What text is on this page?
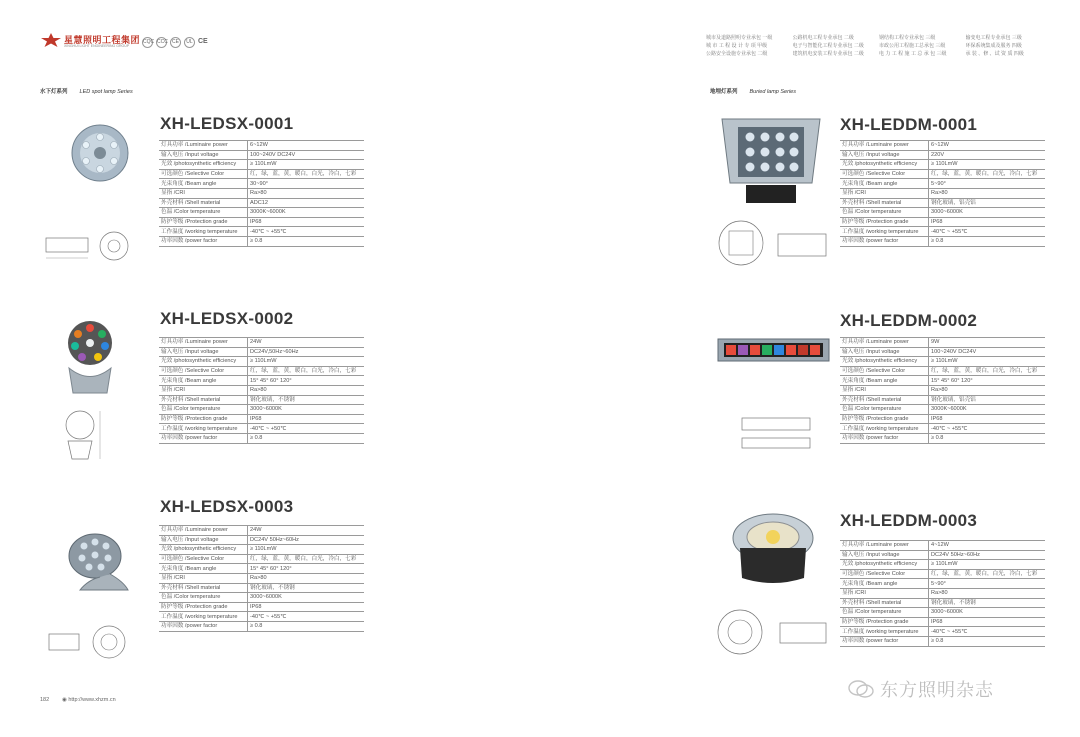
星慧照明工程集团
XINGHUI LIGHT ENGINEERING GROUP
CQC CCC CE	UL CE	城市及道路照明专业承包 一级	公路机电工程专业承包 二级	钢结构工程专业承包 三级	输变电工程专业承包 三级
城 市 工 程 设 计 专 项 甲级	电子与智能化工程专业承包 二级	市政公用工程施工总承包 三级	环保系统集成及服务 四级
公路安全设施专业承包 二级	建筑机电安装工程专业承包 二级	电 力 工 程 施 工 总 承 包 三级	承 装 、修 、试 资 质 四级
水下灯系列 LED spot lamp Series	地埋灯系列 Buried lamp Series
XH-LEDSX-0001
灯具功率 /Luminaire power	6~12W
输入电压 /Input voltage	100~240V DC24V
光效 /photosynthetic efficiency	≥ 110LmW
可选颜色 /Selective Color	红，绿，蓝，黄，暖白，白光，冷白，七彩
光束角度 /Beam angle	30~90°
显指 /CRI	Ra>80
外壳材料 /Shell material	ADC12
色温 /Color temperature	3000K~6000K
防护等级 /Protection grade	IP68
工作温度 /working temperature	-40℃ ~ +55℃
功率因数 /power factor	≥ 0.8
XH-LEDSX-0002
灯具功率 /Luminaire power	24W
输入电压 /Input voltage	DC24V,50Hz~60Hz
光效 /photosynthetic efficiency	≥ 110LmW
可选颜色 /Selective Color	红，绿，蓝，黄，暖白，白光，冷白，七彩
光束角度 /Beam angle	15° 45° 60° 120°
显指 /CRI	Ra>80
外壳材料 /Shell material	钢化玻璃，不锈钢
色温 /Color temperature	3000~6000K
防护等级 /Protection grade	IP68
工作温度 /working temperature	-40℃ ~ +50℃
功率因数 /power factor	≥ 0.8
XH-LEDSX-0003
灯具功率 /Luminaire power	24W
输入电压 /Input voltage	DC24V 50Hz~60Hz
光效 /photosynthetic efficiency	≥ 110LmW
可选颜色 /Selective Color	红，绿，蓝，黄，暖白，白光，冷白，七彩
光束角度 /Beam angle	15° 45° 60° 120°
显指 /CRI	Ra>80
外壳材料 /Shell material	钢化玻璃，不锈钢
色温 /Color temperature	3000~6000K
防护等级 /Protection grade	IP68
工作温度 /working temperature	-40℃ ~ +55℃
功率因数 /power factor	≥ 0.8
XH-LEDDM-0001
灯具功率 /Luminaire power	6~12W
输入电压 /Input voltage	220V
光效 /photosynthetic efficiency	≥ 110LmW
可选颜色 /Selective Color	红，绿，蓝，黄，暖白，白光，冷白，七彩
光束角度 /Beam angle	5~90°
显指 /CRI	Ra>80
外壳材料 /Shell material	钢化玻璃，铝壳铝
色温 /Color temperature	3000~6000K
防护等级 /Protection grade	IP68
工作温度 /working temperature	-40℃ ~ +55℃
功率因数 /power factor	≥ 0.8
XH-LEDDM-0002
灯具功率 /Luminaire power	9W
输入电压 /Input voltage	100~240V DC24V
光效 /photosynthetic efficiency	≥ 110LmW
可选颜色 /Selective Color	红，绿，蓝，黄，暖白，白光，冷白，七彩
光束角度 /Beam angle	15° 45° 60° 120°
显指 /CRI	Ra>80
外壳材料 /Shell material	钢化玻璃，铝壳铝
色温 /Color temperature	3000K~6000K
防护等级 /Protection grade	IP68
工作温度 /working temperature	-40℃ ~ +55℃
功率因数 /power factor	≥ 0.8
XH-LEDDM-0003
灯具功率 /Luminaire power	4~12W
输入电压 /Input voltage	DC24V 50Hz~60Hz
光效 /photosynthetic efficiency	≥ 110LmW
可选颜色 /Selective Color	红，绿，蓝，黄，暖白，白光，冷白，七彩
光束角度 /Beam angle	5~90°
显指 /CRI	Ra>80
外壳材料 /Shell material	钢化玻璃，不锈钢
色温 /Color temperature	3000~6000K
防护等级 /Protection grade	IP68
工作温度 /working temperature	-40℃ ~ +55℃
功率因数 /power factor	≥ 0.8
182 ◉ http://www.xhzm.cn	东方照明杂志
